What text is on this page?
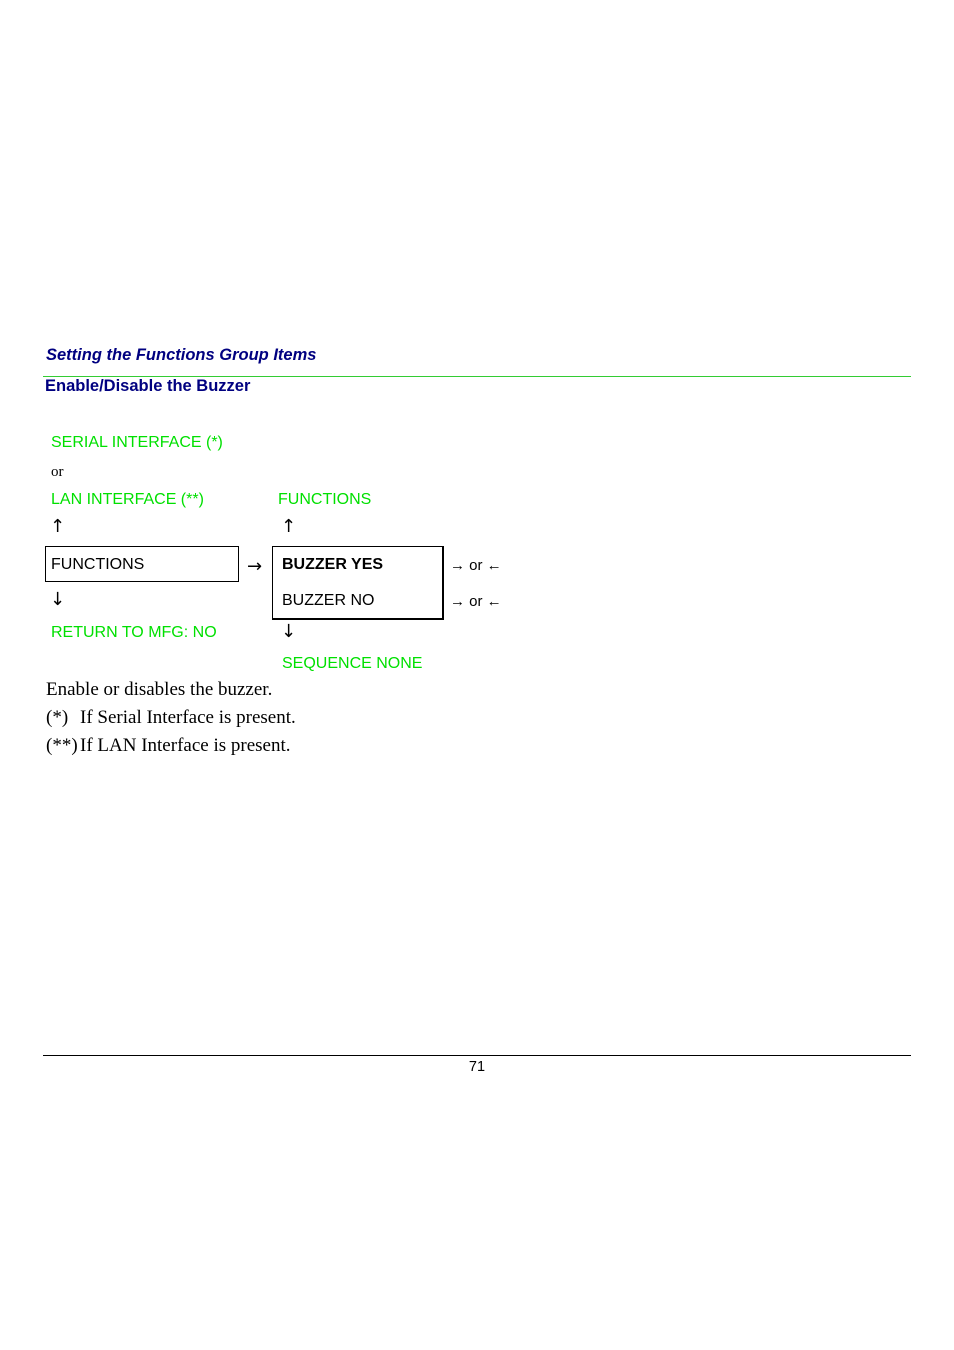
Setting the Functions Group Items
Enable/Disable the Buzzer
SERIAL INTERFACE (*)
or
LAN INTERFACE (**)	FUNCTIONS
↑	↑
FUNCTIONS	→ BUZZER YES
BUZZER NO
→ or ←
→ or ←
↓
↓
RETURN TO MFG: NO
SEQUENCE NONE
Enable or disables the buzzer.
(*) If Serial Interface is present.
(**) If LAN Interface is present.
71
